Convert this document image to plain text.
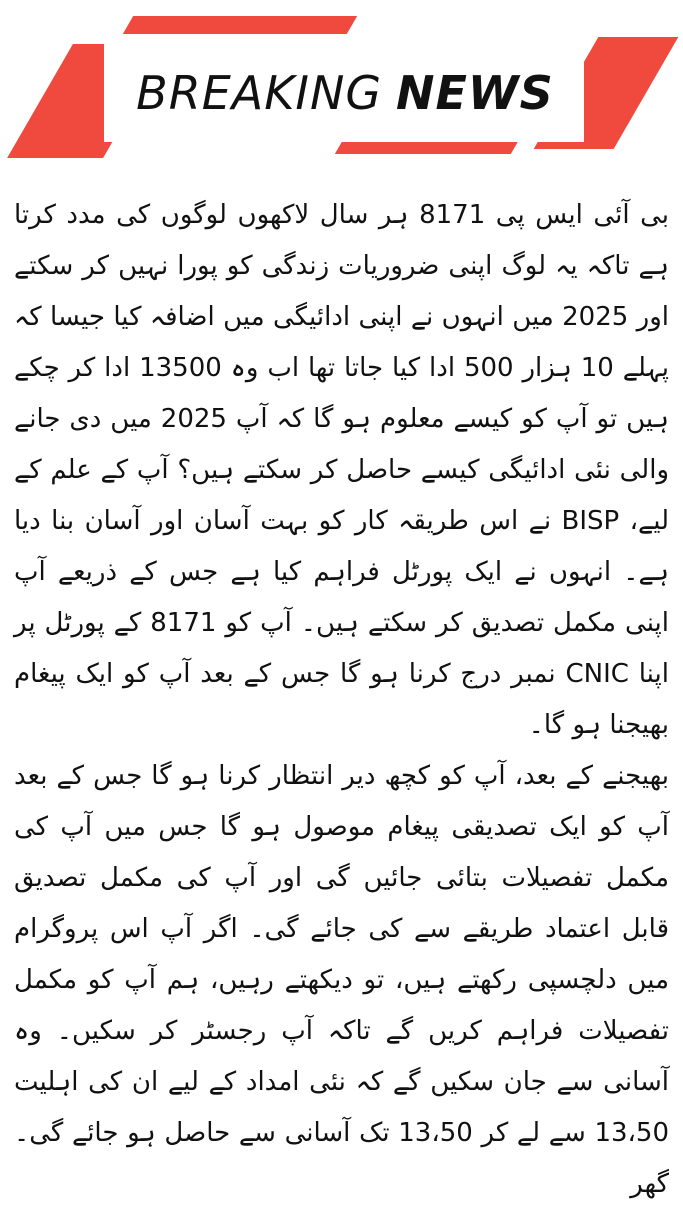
BREAKING NEWS

بی آئی ایس پی 8171 ہر سال لاکھوں لوگوں کی مدد کرتا ہے تاکہ یہ لوگ اپنی ضروریات زندگی کو پورا نہیں کر سکتے اور 2025 میں انہوں نے اپنی ادائیگی میں اضافہ کیا جیسا کہ پہلے 10 ہزار 500 ادا کیا جاتا تھا اب وہ 13500 ادا کر چکے ہیں تو آپ کو کیسے معلوم ہو گا کہ آپ 2025 میں دی جانے والی نئی ادائیگی کیسے حاصل کر سکتے ہیں؟ آپ کے علم کے لیے، BISP نے اس طریقہ کار کو بہت آسان اور آسان بنا دیا ہے۔ انہوں نے ایک پورٹل فراہم کیا ہے جس کے ذریعے آپ اپنی مکمل تصدیق کر سکتے ہیں۔ آپ کو 8171 کے پورٹل پر اپنا CNIC نمبر درج کرنا ہو گا جس کے بعد آپ کو ایک پیغام بھیجنا ہو گا۔

بھیجنے کے بعد، آپ کو کچھ دیر انتظار کرنا ہو گا جس کے بعد آپ کو ایک تصدیقی پیغام موصول ہو گا جس میں آپ کی مکمل تفصیلات بتائی جائیں گی اور آپ کی مکمل تصدیق قابل اعتماد طریقے سے کی جائے گی۔ اگر آپ اس پروگرام میں دلچسپی رکھتے ہیں، تو دیکھتے رہیں، ہم آپ کو مکمل تفصیلات فراہم کریں گے تاکہ آپ رجسٹر کر سکیں۔ وہ آسانی سے جان سکیں گے کہ نئی امداد کے لیے ان کی اہلیت 13،50 سے لے کر 13،50 تک آسانی سے حاصل ہو جائے گی۔ گھر
